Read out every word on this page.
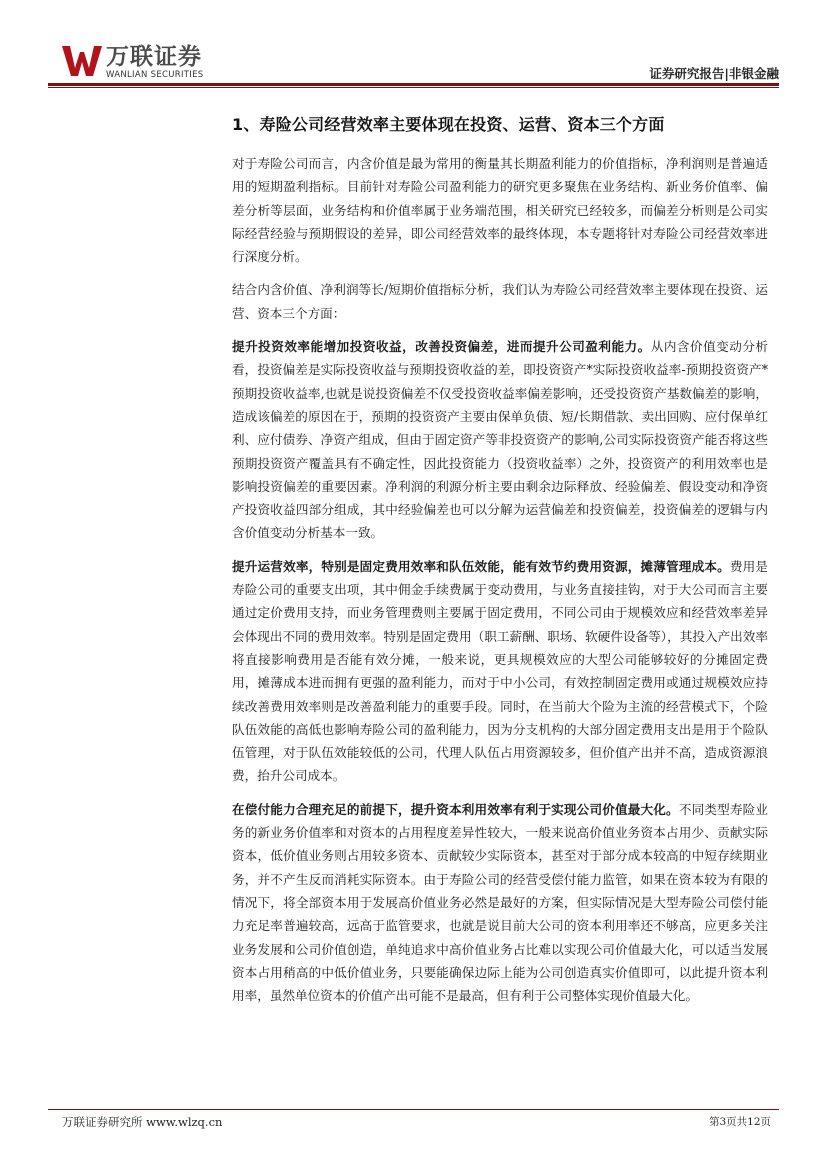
万联证券
WANLIAN SECURITIES	证券研究报告|非银金融
1、寿险公司经营效率主要体现在投资、运营、资本三个方面

对于寿险公司而言，内含价值是最为常用的衡量其长期盈利能力的价值指标，净利润则是普遍适用的短期盈利指标。目前针对寿险公司盈利能力的研究更多聚焦在业务结构、新业务价值率、偏差分析等层面，业务结构和价值率属于业务端范围，相关研究已经较多，而偏差分析则是公司实际经营经验与预期假设的差异，即公司经营效率的最终体现，本专题将针对寿险公司经营效率进行深度分析。

结合内含价值、净利润等长/短期价值指标分析，我们认为寿险公司经营效率主要体现在投资、运营、资本三个方面：

提升投资效率能增加投资收益，改善投资偏差，进而提升公司盈利能力。从内含价值变动分析看，投资偏差是实际投资收益与预期投资收益的差，即投资资产*实际投资收益率-预期投资资产*预期投资收益率,也就是说投资偏差不仅受投资收益率偏差影响，还受投资资产基数偏差的影响，造成该偏差的原因在于，预期的投资资产主要由保单负债、短/长期借款、卖出回购、应付保单红利、应付债券、净资产组成，但由于固定资产等非投资资产的影响,公司实际投资资产能否将这些预期投资资产覆盖具有不确定性，因此投资能力（投资收益率）之外，投资资产的利用效率也是影响投资偏差的重要因素。净利润的利源分析主要由剩余边际释放、经验偏差、假设变动和净资产投资收益四部分组成，其中经验偏差也可以分解为运营偏差和投资偏差，投资偏差的逻辑与内含价值变动分析基本一致。

提升运营效率，特别是固定费用效率和队伍效能，能有效节约费用资源，摊薄管理成本。费用是寿险公司的重要支出项，其中佣金手续费属于变动费用，与业务直接挂钩，对于大公司而言主要通过定价费用支持，而业务管理费则主要属于固定费用，不同公司由于规模效应和经营效率差异会体现出不同的费用效率。特别是固定费用（职工薪酬、职场、软硬件设备等），其投入产出效率将直接影响费用是否能有效分摊，一般来说，更具规模效应的大型公司能够较好的分摊固定费用，摊薄成本进而拥有更强的盈利能力，而对于中小公司，有效控制固定费用或通过规模效应持续改善费用效率则是改善盈利能力的重要手段。同时，在当前大个险为主流的经营模式下，个险队伍效能的高低也影响寿险公司的盈利能力，因为分支机构的大部分固定费用支出是用于个险队伍管理，对于队伍效能较低的公司，代理人队伍占用资源较多，但价值产出并不高，造成资源浪费，抬升公司成本。

在偿付能力合理充足的前提下，提升资本利用效率有利于实现公司价值最大化。不同类型寿险业务的新业务价值率和对资本的占用程度差异性较大，一般来说高价值业务资本占用少、贡献实际资本，低价值业务则占用较多资本、贡献较少实际资本，甚至对于部分成本较高的中短存续期业务，并不产生反而消耗实际资本。由于寿险公司的经营受偿付能力监管，如果在资本较为有限的情况下，将全部资本用于发展高价值业务必然是最好的方案，但实际情况是大型寿险公司偿付能力充足率普遍较高，远高于监管要求，也就是说目前大公司的资本利用率还不够高，应更多关注业务发展和公司价值创造，单纯追求中高价值业务占比难以实现公司价值最大化，可以适当发展资本占用稍高的中低价值业务，只要能确保边际上能为公司创造真实价值即可，以此提升资本利用率，虽然单位资本的价值产出可能不是最高，但有利于公司整体实现价值最大化。

万联证券研究所 www.wlzq.cn	第3页共12页
